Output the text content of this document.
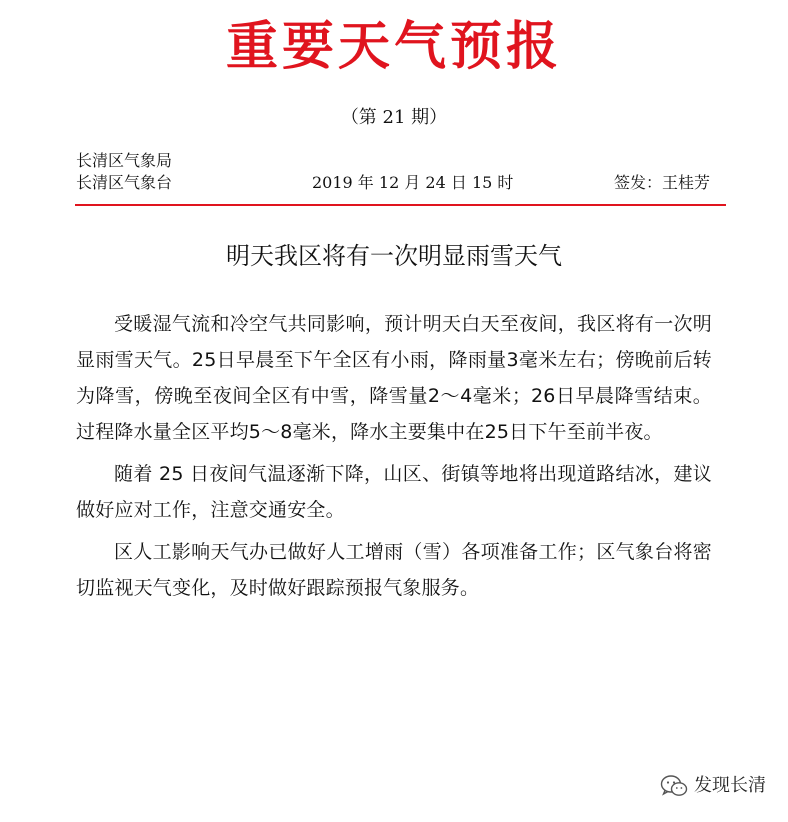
重要天气预报
（第 21 期）
长清区气象局
长清区气象台	2019 年 12 月 24 日 15 时	签发：王桂芳
明天我区将有一次明显雨雪天气

受暖湿气流和冷空气共同影响，预计明天白天至夜间，我区将有一次明显雨雪天气。25日早晨至下午全区有小雨，降雨量3毫米左右；傍晚前后转为降雪，傍晚至夜间全区有中雪，降雪量2～4毫米；26日早晨降雪结束。过程降水量全区平均5～8毫米，降水主要集中在25日下午至前半夜。

随着 25 日夜间气温逐渐下降，山区、街镇等地将出现道路结冰，建议做好应对工作，注意交通安全。

区人工影响天气办已做好人工增雨（雪）各项准备工作；区气象台将密切监视天气变化，及时做好跟踪预报气象服务。

发现长清
